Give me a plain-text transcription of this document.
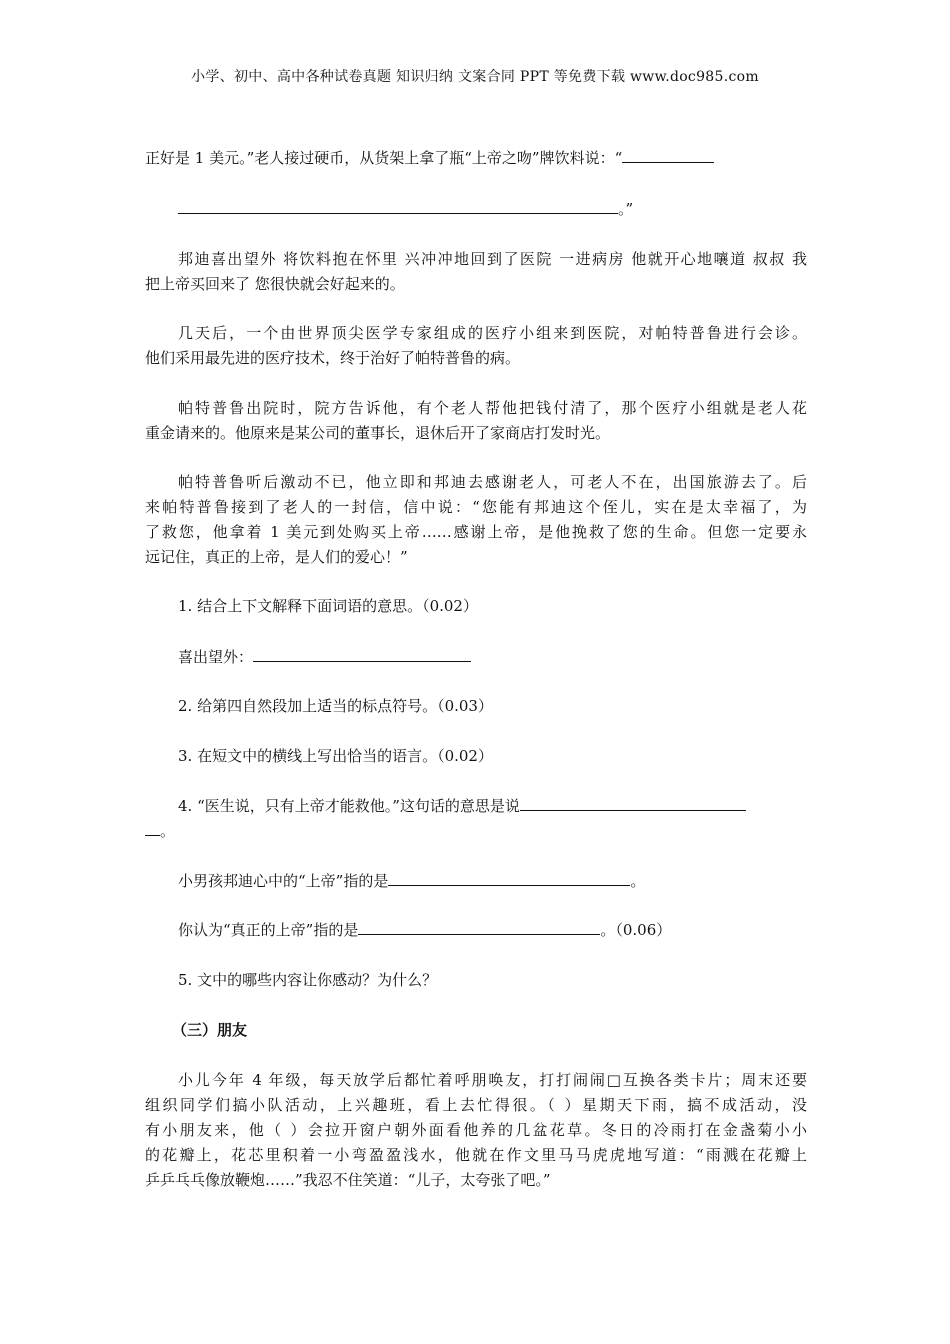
小学、初中、高中各种试卷真题 知识归纳 文案合同 PPT 等免费下载 www.doc985.com
正好是 1 美元。”老人接过硬币，从货架上拿了瓶“上帝之吻”牌饮料说：“
。”
邦迪喜出望外 将饮料抱在怀里 兴冲冲地回到了医院 一进病房 他就开心地嚷道 叔叔 我
把上帝买回来了 您很快就会好起来的。
几天后，一个由世界顶尖医学专家组成的医疗小组来到医院，对帕特普鲁进行会诊。
他们采用最先进的医疗技术，终于治好了帕特普鲁的病。
帕特普鲁出院时，院方告诉他，有个老人帮他把钱付清了，那个医疗小组就是老人花
重金请来的。他原来是某公司的董事长，退休后开了家商店打发时光。
帕特普鲁听后激动不已，他立即和邦迪去感谢老人，可老人不在，出国旅游去了。后
来帕特普鲁接到了老人的一封信，信中说：“您能有邦迪这个侄儿，实在是太幸福了，为
了救您，他拿着 1 美元到处购买上帝……感谢上帝，是他挽救了您的生命。但您一定要永
远记住，真正的上帝，是人们的爱心！”
1. 结合上下文解释下面词语的意思。（0.02）
喜出望外：
2. 给第四自然段加上适当的标点符号。（0.03）
3. 在短文中的横线上写出恰当的语言。（0.02）
4. “医生说，只有上帝才能救他。”这句话的意思是说
。
小男孩邦迪心中的“上帝”指的是	。
你认为“真正的上帝”指的是	。（0.06）
5. 文中的哪些内容让你感动？为什么？
（三）朋友
小儿今年 4 年级，每天放学后都忙着呼朋唤友，打打闹闹□互换各类卡片；周末还要
组织同学们搞小队活动，上兴趣班，看上去忙得很。（ ）星期天下雨，搞不成活动，没
有小朋友来，他（ ）会拉开窗户朝外面看他养的几盆花草。冬日的冷雨打在金盏菊小小
的花瓣上，花芯里积着一小弯盈盈浅水，他就在作文里马马虎虎地写道：“雨溅在花瓣上
乒乒乓乓像放鞭炮……”我忍不住笑道：“儿子，太夸张了吧。”
